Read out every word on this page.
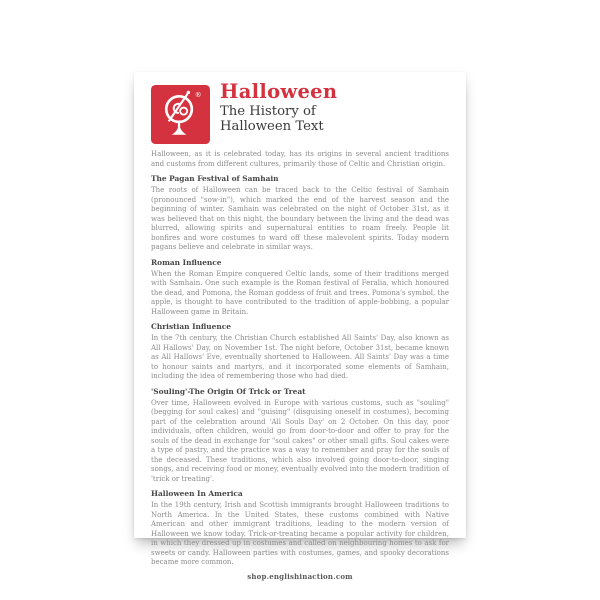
® Halloween

The History of
Halloween Text

Halloween, as it is celebrated today, has its origins in several ancient traditions and customs from different cultures, primarily those of Celtic and Christian origin.

The Pagan Festival of Samhain

The roots of Halloween can be traced back to the Celtic festival of Samhain (pronounced "sow-in"), which marked the end of the harvest season and the beginning of winter. Samhain was celebrated on the night of October 31st, as it was believed that on this night, the boundary between the living and the dead was blurred, allowing spirits and supernatural entities to roam freely. People lit bonfires and wore costumes to ward off these malevolent spirits. Today modern pagans believe and celebrate in similar ways.

Roman Influence

When the Roman Empire conquered Celtic lands, some of their traditions merged with Samhain. One such example is the Roman festival of Feralia, which honoured the dead, and Pomona, the Roman goddess of fruit and trees. Pomona's symbol, the apple, is thought to have contributed to the tradition of apple-bobbing, a popular Halloween game in Britain.

Christian Influence

In the 7th century, the Christian Church established All Saints' Day, also known as All Hallows' Day, on November 1st. The night before, October 31st, became known as All Hallows' Eve, eventually shortened to Halloween. All Saints' Day was a time to honour saints and martyrs, and it incorporated some elements of Samhain, including the idea of remembering those who had died.

'Souling'-The Origin Of Trick or Treat

Over time, Halloween evolved in Europe with various customs, such as "souling" (begging for soul cakes) and "guising" (disguising oneself in costumes), becoming part of the celebration around 'All Souls Day' on 2 October. On this day, poor individuals, often children, would go from door-to-door and offer to pray for the souls of the dead in exchange for "soul cakes" or other small gifts. Soul cakes were a type of pastry, and the practice was a way to remember and pray for the souls of the deceased. These traditions, which also involved going door-to-door, singing songs, and receiving food or money, eventually evolved into the modern tradition of 'trick or treating'.

Halloween In America

In the 19th century, Irish and Scottish immigrants brought Halloween traditions to North America. In the United States, these customs combined with Native American and other immigrant traditions, leading to the modern version of Halloween we know today. Trick-or-treating became a popular activity for children, in which they dressed up in costumes and called on neighbouring homes to ask for sweets or candy. Halloween parties with costumes, games, and spooky decorations became more common.

shop.englishinaction.com
